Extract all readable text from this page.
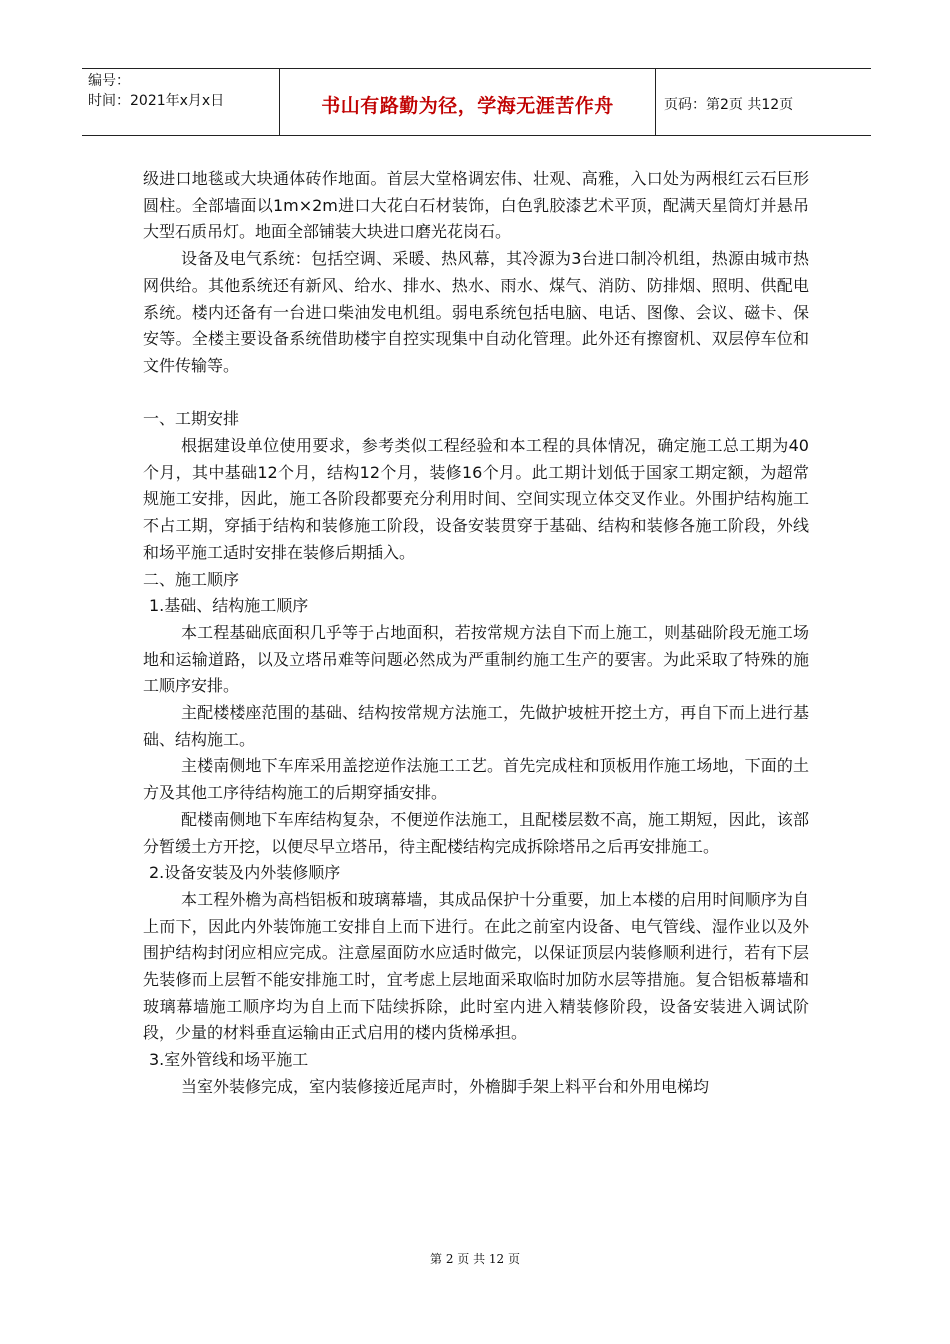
编号：
时间：2021年x月x日	书山有路勤为径，学海无涯苦作舟	页码：第2页 共12页

级进口地毯或大块通体砖作地面。首层大堂格调宏伟、壮观、高雅，入口处为两根红云石巨形圆柱。全部墙面以1m×2m进口大花白石材装饰，白色乳胶漆艺术平顶，配满天星筒灯并悬吊大型石质吊灯。地面全部铺装大块进口磨光花岗石。

设备及电气系统：包括空调、采暖、热风幕，其冷源为3台进口制冷机组，热源由城市热网供给。其他系统还有新风、给水、排水、热水、雨水、煤气、消防、防排烟、照明、供配电系统。楼内还备有一台进口柴油发电机组。弱电系统包括电脑、电话、图像、会议、磁卡、保安等。全楼主要设备系统借助楼宇自控实现集中自动化管理。此外还有擦窗机、双层停车位和文件传输等。

一、工期安排

根据建设单位使用要求，参考类似工程经验和本工程的具体情况，确定施工总工期为40个月，其中基础12个月，结构12个月，装修16个月。此工期计划低于国家工期定额，为超常规施工安排，因此，施工各阶段都要充分利用时间、空间实现立体交叉作业。外围护结构施工不占工期，穿插于结构和装修施工阶段，设备安装贯穿于基础、结构和装修各施工阶段，外线和场平施工适时安排在装修后期插入。

二、施工顺序

1.基础、结构施工顺序

本工程基础底面积几乎等于占地面积，若按常规方法自下而上施工，则基础阶段无施工场地和运输道路，以及立塔吊难等问题必然成为严重制约施工生产的要害。为此采取了特殊的施工顺序安排。

主配楼楼座范围的基础、结构按常规方法施工，先做护坡桩开挖土方，再自下而上进行基础、结构施工。

主楼南侧地下车库采用盖挖逆作法施工工艺。首先完成柱和顶板用作施工场地，下面的土方及其他工序待结构施工的后期穿插安排。

配楼南侧地下车库结构复杂，不便逆作法施工，且配楼层数不高，施工期短，因此，该部分暂缓土方开挖，以便尽早立塔吊，待主配楼结构完成拆除塔吊之后再安排施工。

2.设备安装及内外装修顺序

本工程外檐为高档铝板和玻璃幕墙，其成品保护十分重要，加上本楼的启用时间顺序为自上而下，因此内外装饰施工安排自上而下进行。在此之前室内设备、电气管线、湿作业以及外围护结构封闭应相应完成。注意屋面防水应适时做完，以保证顶层内装修顺利进行，若有下层先装修而上层暂不能安排施工时，宜考虑上层地面采取临时加防水层等措施。复合铝板幕墙和玻璃幕墙施工顺序均为自上而下陆续拆除，此时室内进入精装修阶段，设备安装进入调试阶段，少量的材料垂直运输由正式启用的楼内货梯承担。

3.室外管线和场平施工

当室外装修完成，室内装修接近尾声时，外檐脚手架上料平台和外用电梯均

第 2 页 共 12 页
